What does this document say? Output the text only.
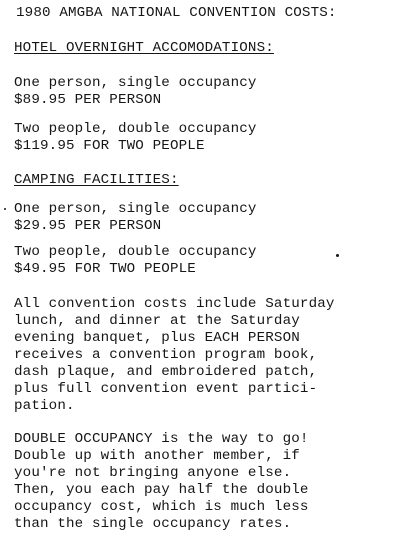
1980 AMGBA NATIONAL CONVENTION COSTS:

HOTEL OVERNIGHT ACCOMODATIONS:

One person, single occupancy

$89.95 PER PERSON

Two people, double occupancy

$119.95 FOR TWO PEOPLE

CAMPING FACILITIES:

One person, single occupancy

$29.95 PER PERSON

Two people, double occupancy

$49.95 FOR TWO PEOPLE

All convention costs include Saturday

lunch, and dinner at the Saturday

evening banquet, plus EACH PERSON

receives a convention program book,

dash plaque, and embroidered patch,

plus full convention event partici-

pation.

DOUBLE OCCUPANCY is the way to go!

Double up with another member, if

you're not bringing anyone else.

Then, you each pay half the double

occupancy cost, which is much less

than the single occupancy rates.
